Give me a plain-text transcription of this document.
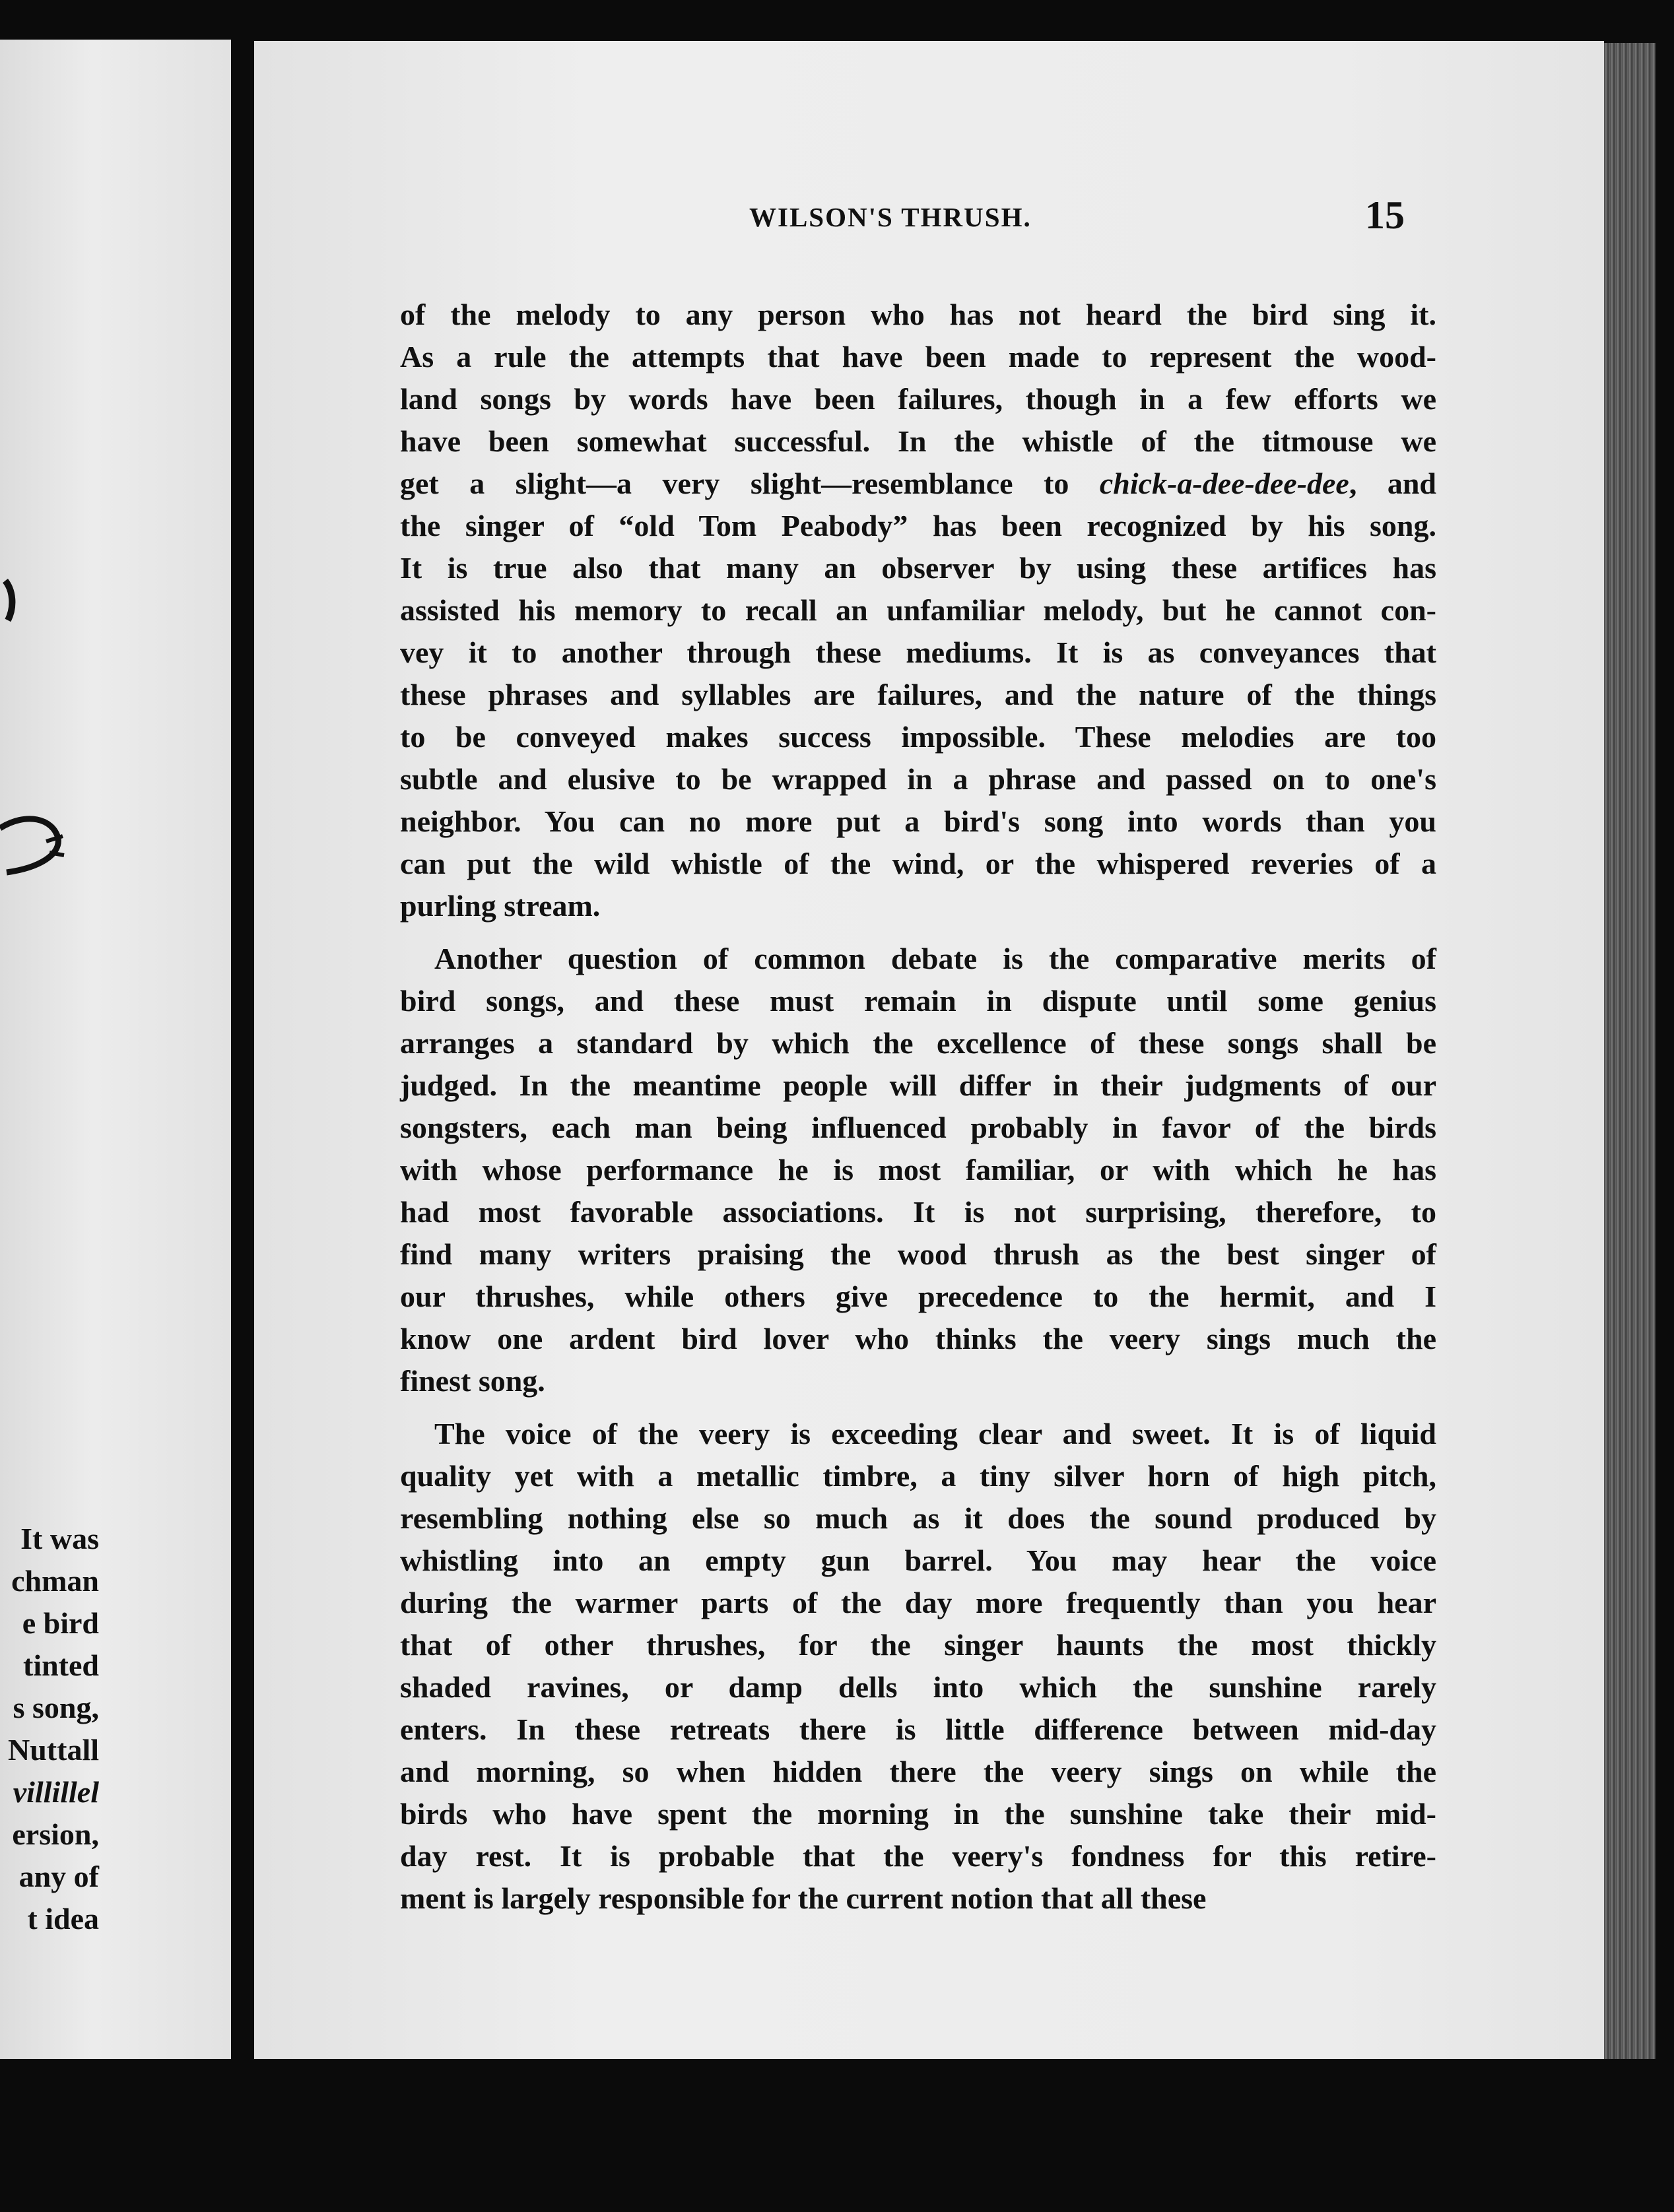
It was
chman
e bird
tinted
s song,
Nuttall
villillel
ersion,
any of
t idea
WILSON'S THRUSH.	15
of the melody to any person who has not heard the bird sing it.
As a rule the attempts that have been made to represent the wood-
land songs by words have been failures, though in a few efforts we
have been somewhat successful. In the whistle of the titmouse we
get a slight—a very slight—resemblance to chick-a-dee-dee-dee, and
the singer of “old Tom Peabody” has been recognized by his song.
It is true also that many an observer by using these artifices has
assisted his memory to recall an unfamiliar melody, but he cannot con-
vey it to another through these mediums. It is as conveyances that
these phrases and syllables are failures, and the nature of the things
to be conveyed makes success impossible. These melodies are too
subtle and elusive to be wrapped in a phrase and passed on to one's
neighbor. You can no more put a bird's song into words than you
can put the wild whistle of the wind, or the whispered reveries of a
purling stream.
Another question of common debate is the comparative merits of
bird songs, and these must remain in dispute until some genius
arranges a standard by which the excellence of these songs shall be
judged. In the meantime people will differ in their judgments of our
songsters, each man being influenced probably in favor of the birds
with whose performance he is most familiar, or with which he has
had most favorable associations. It is not surprising, therefore, to
find many writers praising the wood thrush as the best singer of
our thrushes, while others give precedence to the hermit, and I
know one ardent bird lover who thinks the veery sings much the
finest song.
The voice of the veery is exceeding clear and sweet. It is of liquid
quality yet with a metallic timbre, a tiny silver horn of high pitch,
resembling nothing else so much as it does the sound produced by
whistling into an empty gun barrel. You may hear the voice
during the warmer parts of the day more frequently than you hear
that of other thrushes, for the singer haunts the most thickly
shaded ravines, or damp dells into which the sunshine rarely
enters. In these retreats there is little difference between mid-day
and morning, so when hidden there the veery sings on while the
birds who have spent the morning in the sunshine take their mid-
day rest. It is probable that the veery's fondness for this retire-
ment is largely responsible for the current notion that all these
